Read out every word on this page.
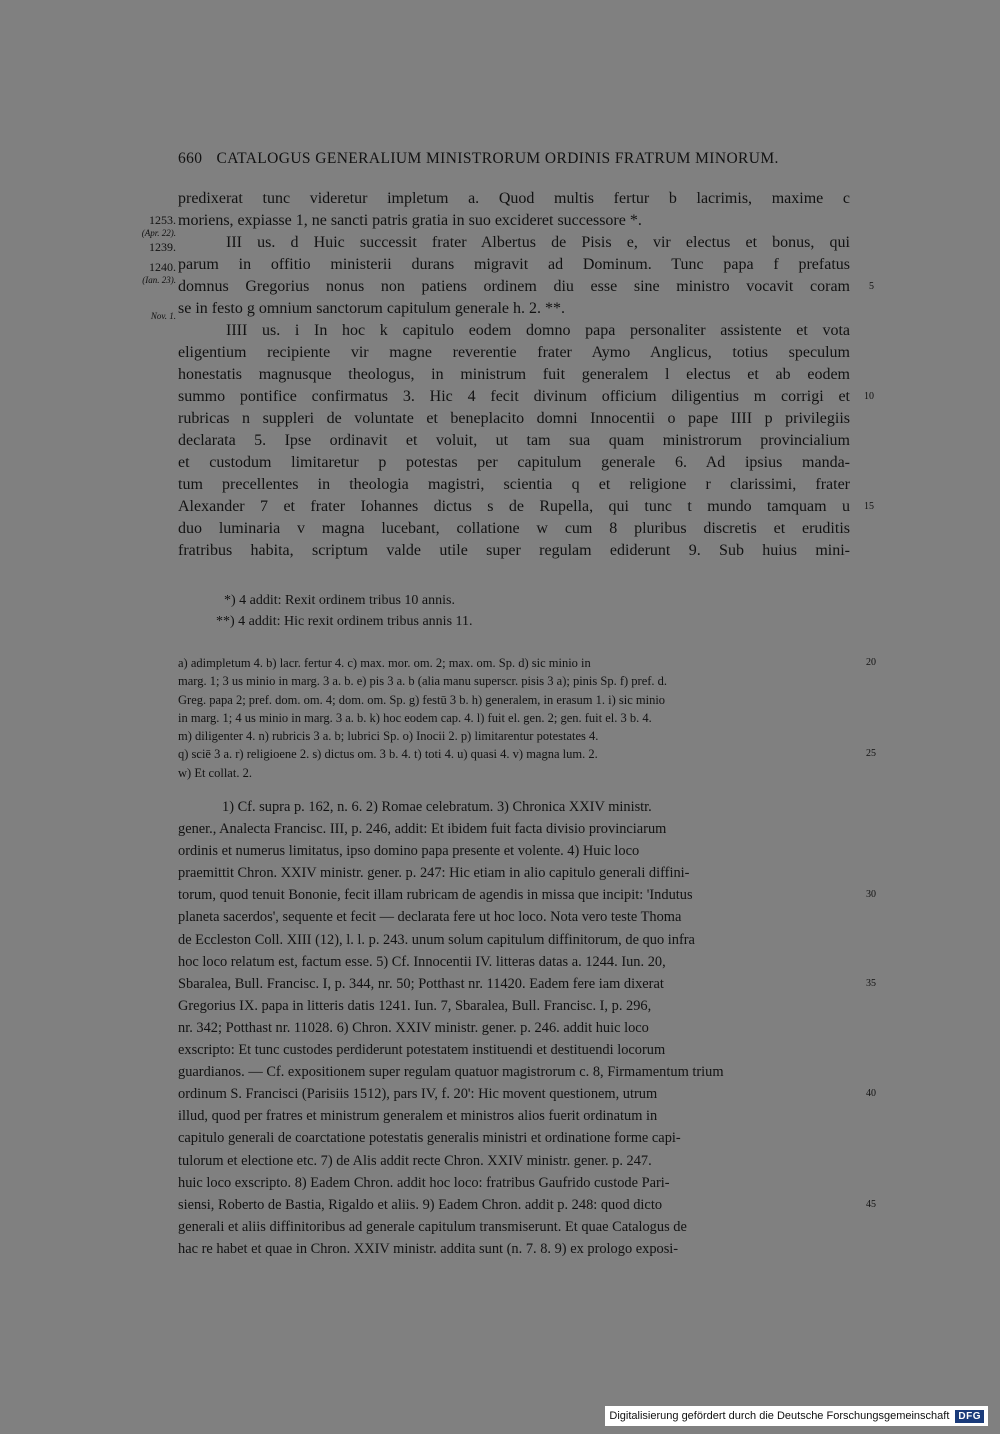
660 CATALOGUS GENERALIUM MINISTRORUM ORDINIS FRATRUM MINORUM.
1253.
(Apr. 22).
1239.
1240.
(Ian. 23).
Nov. 1.
predixerat tunc videretur impletum a. Quod multis fertur b lacrimis, maxime c
moriens, expiasse 1, ne sancti patris gratia in suo excideret successore *.
III us. d Huic successit frater Albertus de Pisis e, vir electus et bonus, qui
parum in offitio ministerii durans migravit ad Dominum. Tunc papa f prefatus
domnus Gregorius nonus non patiens ordinem diu esse sine ministro vocavit coram 5
se in festo g omnium sanctorum capitulum generale h. 2. **.
IIII us. i In hoc k capitulo eodem domno papa personaliter assistente et vota
eligentium recipiente vir magne reverentie frater Aymo Anglicus, totius speculum
honestatis magnusque theologus, in ministrum fuit generalem l electus et ab eodem
summo pontifice confirmatus 3. Hic 4 fecit divinum officium diligentius m corrigi et 10
rubricas n suppleri de voluntate et beneplacito domni Innocentii o pape IIII p privilegiis
declarata 5. Ipse ordinavit et voluit, ut tam sua quam ministrorum provincialium
et custodum limitaretur p potestas per capitulum generale 6. Ad ipsius manda-
tum precellentes in theologia magistri, scientia q et religione r clarissimi, frater
Alexander 7 et frater Iohannes dictus s de Rupella, qui tunc t mundo tamquam u 15
duo luminaria v magna lucebant, collatione w cum 8 pluribus discretis et eruditis
fratribus habita, scriptum valde utile super regulam ediderunt 9. Sub huius mini-
*) 4 addit: Rexit ordinem tribus 10 annis.
**) 4 addit: Hic rexit ordinem tribus annis 11.
a) adimpletum 4. b) lacr. fertur 4. c) max. mor. om. 2; max. om. Sp. d) sic minio in	20
marg. 1; 3 us minio in marg. 3 a. b. e) pis 3 a. b (alia manu superscr. pisis 3 a); pinis Sp. f) pref. d.
Greg. papa 2; pref. dom. om. 4; dom. om. Sp. g) festū 3 b. h) generalem, in erasum 1. i) sic minio
in marg. 1; 4 us minio in marg. 3 a. b. k) hoc eodem cap. 4. l) fuit el. gen. 2; gen. fuit el. 3 b. 4.
m) diligenter 4. n) rubricis 3 a. b; lubrici Sp. o) Inocii 2. p) limitarentur potestates 4.
q) sciē 3 a. r) religioene 2. s) dictus om. 3 b. 4. t) toti 4. u) quasi 4. v) magna lum. 2.	25
w) Et collat. 2.
1) Cf. supra p. 162, n. 6. 2) Romae celebratum. 3) Chronica XXIV ministr.
gener., Analecta Francisc. III, p. 246, addit: Et ibidem fuit facta divisio provinciarum
ordinis et numerus limitatus, ipso domino papa presente et volente. 4) Huic loco
praemittit Chron. XXIV ministr. gener. p. 247: Hic etiam in alio capitulo generali diffini-
torum, quod tenuit Bononie, fecit illam rubricam de agendis in missa que incipit: 'Indutus	30
planeta sacerdos', sequente et fecit — declarata fere ut hoc loco. Nota vero teste Thoma
de Eccleston Coll. XIII (12), l. l. p. 243. unum solum capitulum diffinitorum, de quo infra
hoc loco relatum est, factum esse. 5) Cf. Innocentii IV. litteras datas a. 1244. Iun. 20,
Sbaralea, Bull. Francisc. I, p. 344, nr. 50; Potthast nr. 11420. Eadem fere iam dixerat	35
Gregorius IX. papa in litteris datis 1241. Iun. 7, Sbaralea, Bull. Francisc. I, p. 296,
nr. 342; Potthast nr. 11028. 6) Chron. XXIV ministr. gener. p. 246. addit huic loco
exscripto: Et tunc custodes perdiderunt potestatem instituendi et destituendi locorum
guardianos. — Cf. expositionem super regulam quatuor magistrorum c. 8, Firmamentum trium
ordinum S. Francisci (Parisiis 1512), pars IV, f. 20': Hic movent questionem, utrum	40
illud, quod per fratres et ministrum generalem et ministros alios fuerit ordinatum in
capitulo generali de coarctatione potestatis generalis ministri et ordinatione forme capi-
tulorum et electione etc. 7) de Alis addit recte Chron. XXIV ministr. gener. p. 247.
huic loco exscripto. 8) Eadem Chron. addit hoc loco: fratribus Gaufrido custode Pari-
siensi, Roberto de Bastia, Rigaldo et aliis. 9) Eadem Chron. addit p. 248: quod dicto	45
generali et aliis diffinitoribus ad generale capitulum transmiserunt. Et quae Catalogus de
hac re habet et quae in Chron. XXIV ministr. addita sunt (n. 7. 8. 9) ex prologo exposi-
Digitalisierung gefördert durch die Deutsche Forschungsgemeinschaft DFG
